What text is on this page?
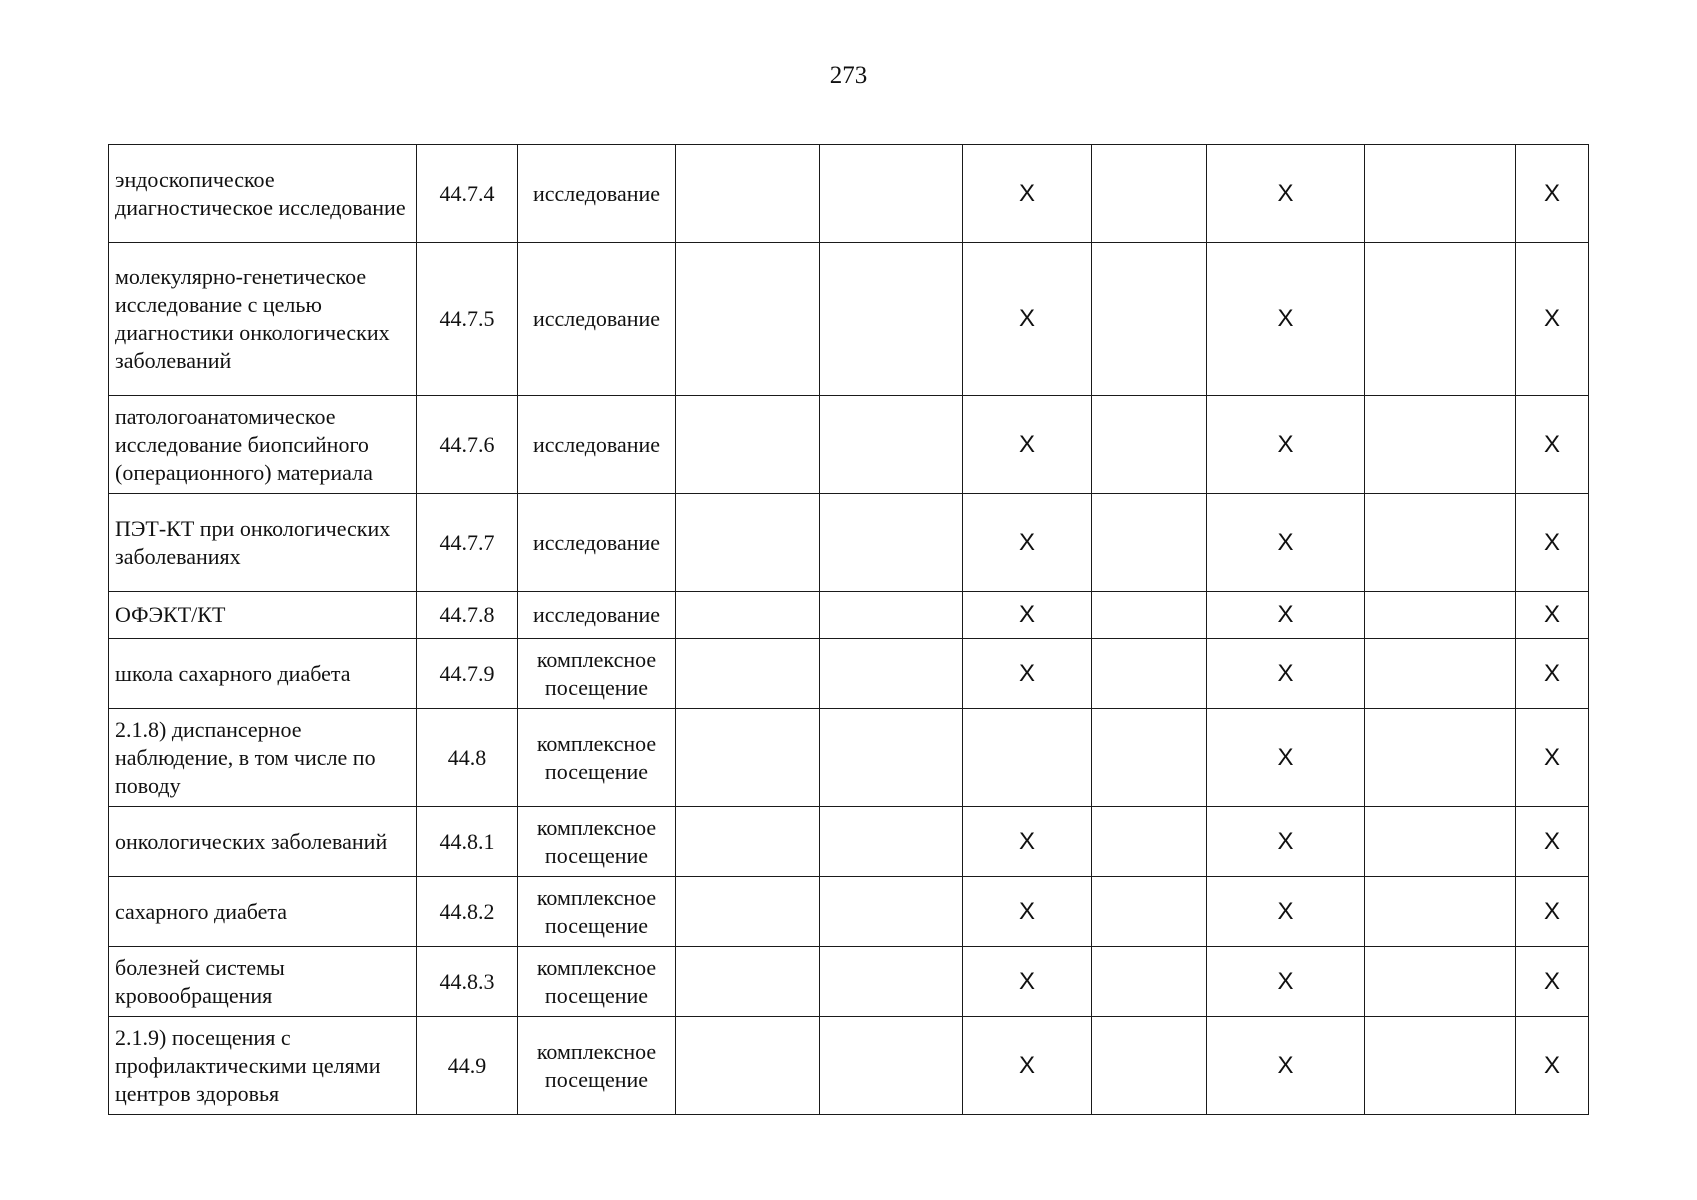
273
эндоскопическое диагностическое исследование	44.7.4	исследование			X		X		X
молекулярно-генетическое исследование с целью диагностики онкологических заболеваний	44.7.5	исследование			X		X		X
патологоанатомическое исследование биопсийного (операционного) материала	44.7.6	исследование			X		X		X
ПЭТ-КТ при онкологических заболеваниях	44.7.7	исследование			X		X		X
ОФЭКТ/КТ	44.7.8	исследование			X		X		X
школа сахарного диабета	44.7.9	комплексное посещение			X		X		X
2.1.8) диспансерное наблюдение, в том числе по поводу	44.8	комплексное посещение					X		X
онкологических заболеваний	44.8.1	комплексное посещение			X		X		X
сахарного диабета	44.8.2	комплексное посещение			X		X		X
болезней системы кровообращения	44.8.3	комплексное посещение			X		X		X
2.1.9) посещения с профилактическими целями центров здоровья	44.9	комплексное посещение			X		X		X
